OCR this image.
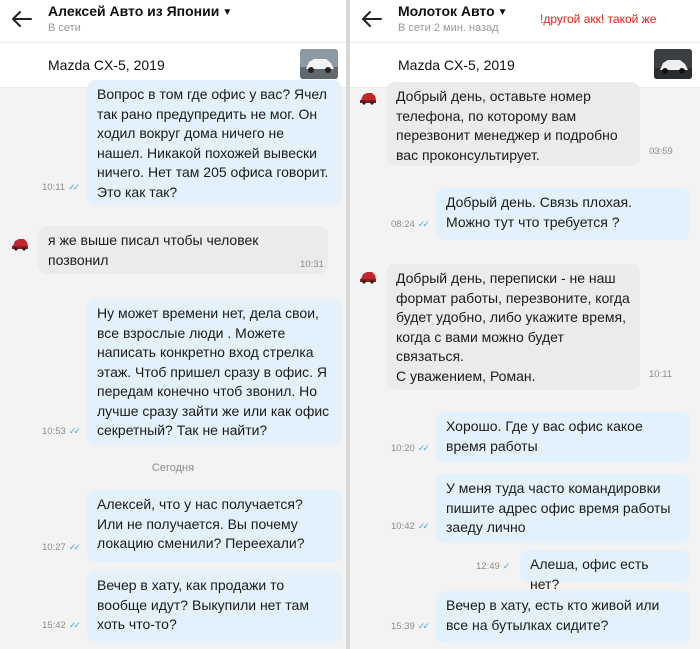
Алексей Авто из Японии ▼
В сети
Mazda CX-5, 2019
Вопрос в том где офис у вас? Ячел так рано предупредить не мог. Он ходил вокруг дома ничего не нашел. Никакой похожей вывески ничего. Нет там 205 офиса говорит. Это как так?
10:11 ✓✓
я же выше писал чтобы человек позвонил	10:31
Ну может времени нет, дела свои, все взрослые люди . Можете написать конкретно вход стрелка этаж. Чтоб пришел сразу в офис. Я передам конечно чтоб звонил. Но лучше сразу зайти же или как офис секретный? Так не найти?
10:53 ✓✓
Сегодня
Алексей, что у нас получается? Или не получается. Вы почему локацию сменили? Переехали?
10:27 ✓✓
Вечер в хату, как продажи то вообще идут? Выкупили нет там хоть что-то?
15:42 ✓✓
Молоток Авто ▼
В сети 2 мин. назад
!другой акк! такой же
Mazda CX-5, 2019
Добрый день, оставьте номер телефона, по которому вам перезвонит менеджер и подробно вас проконсультирует.	03:59
Добрый день. Связь плохая. Можно тут что требуется ?
08:24 ✓✓
Добрый день, переписки - не наш формат работы, перезвоните, когда будет удобно, либо укажите время, когда с вами можно будет связаться.
С уважением, Роман.	10:11
Хорошо. Где у вас офис какое время работы
10:20 ✓✓
У меня туда часто командировки пишите адрес офис время работы заеду лично
10:42 ✓✓
Алеша, офис есть нет?
12:49 ✓
Вечер в хату, есть кто живой или все на бутылках сидите?
15:39 ✓✓
